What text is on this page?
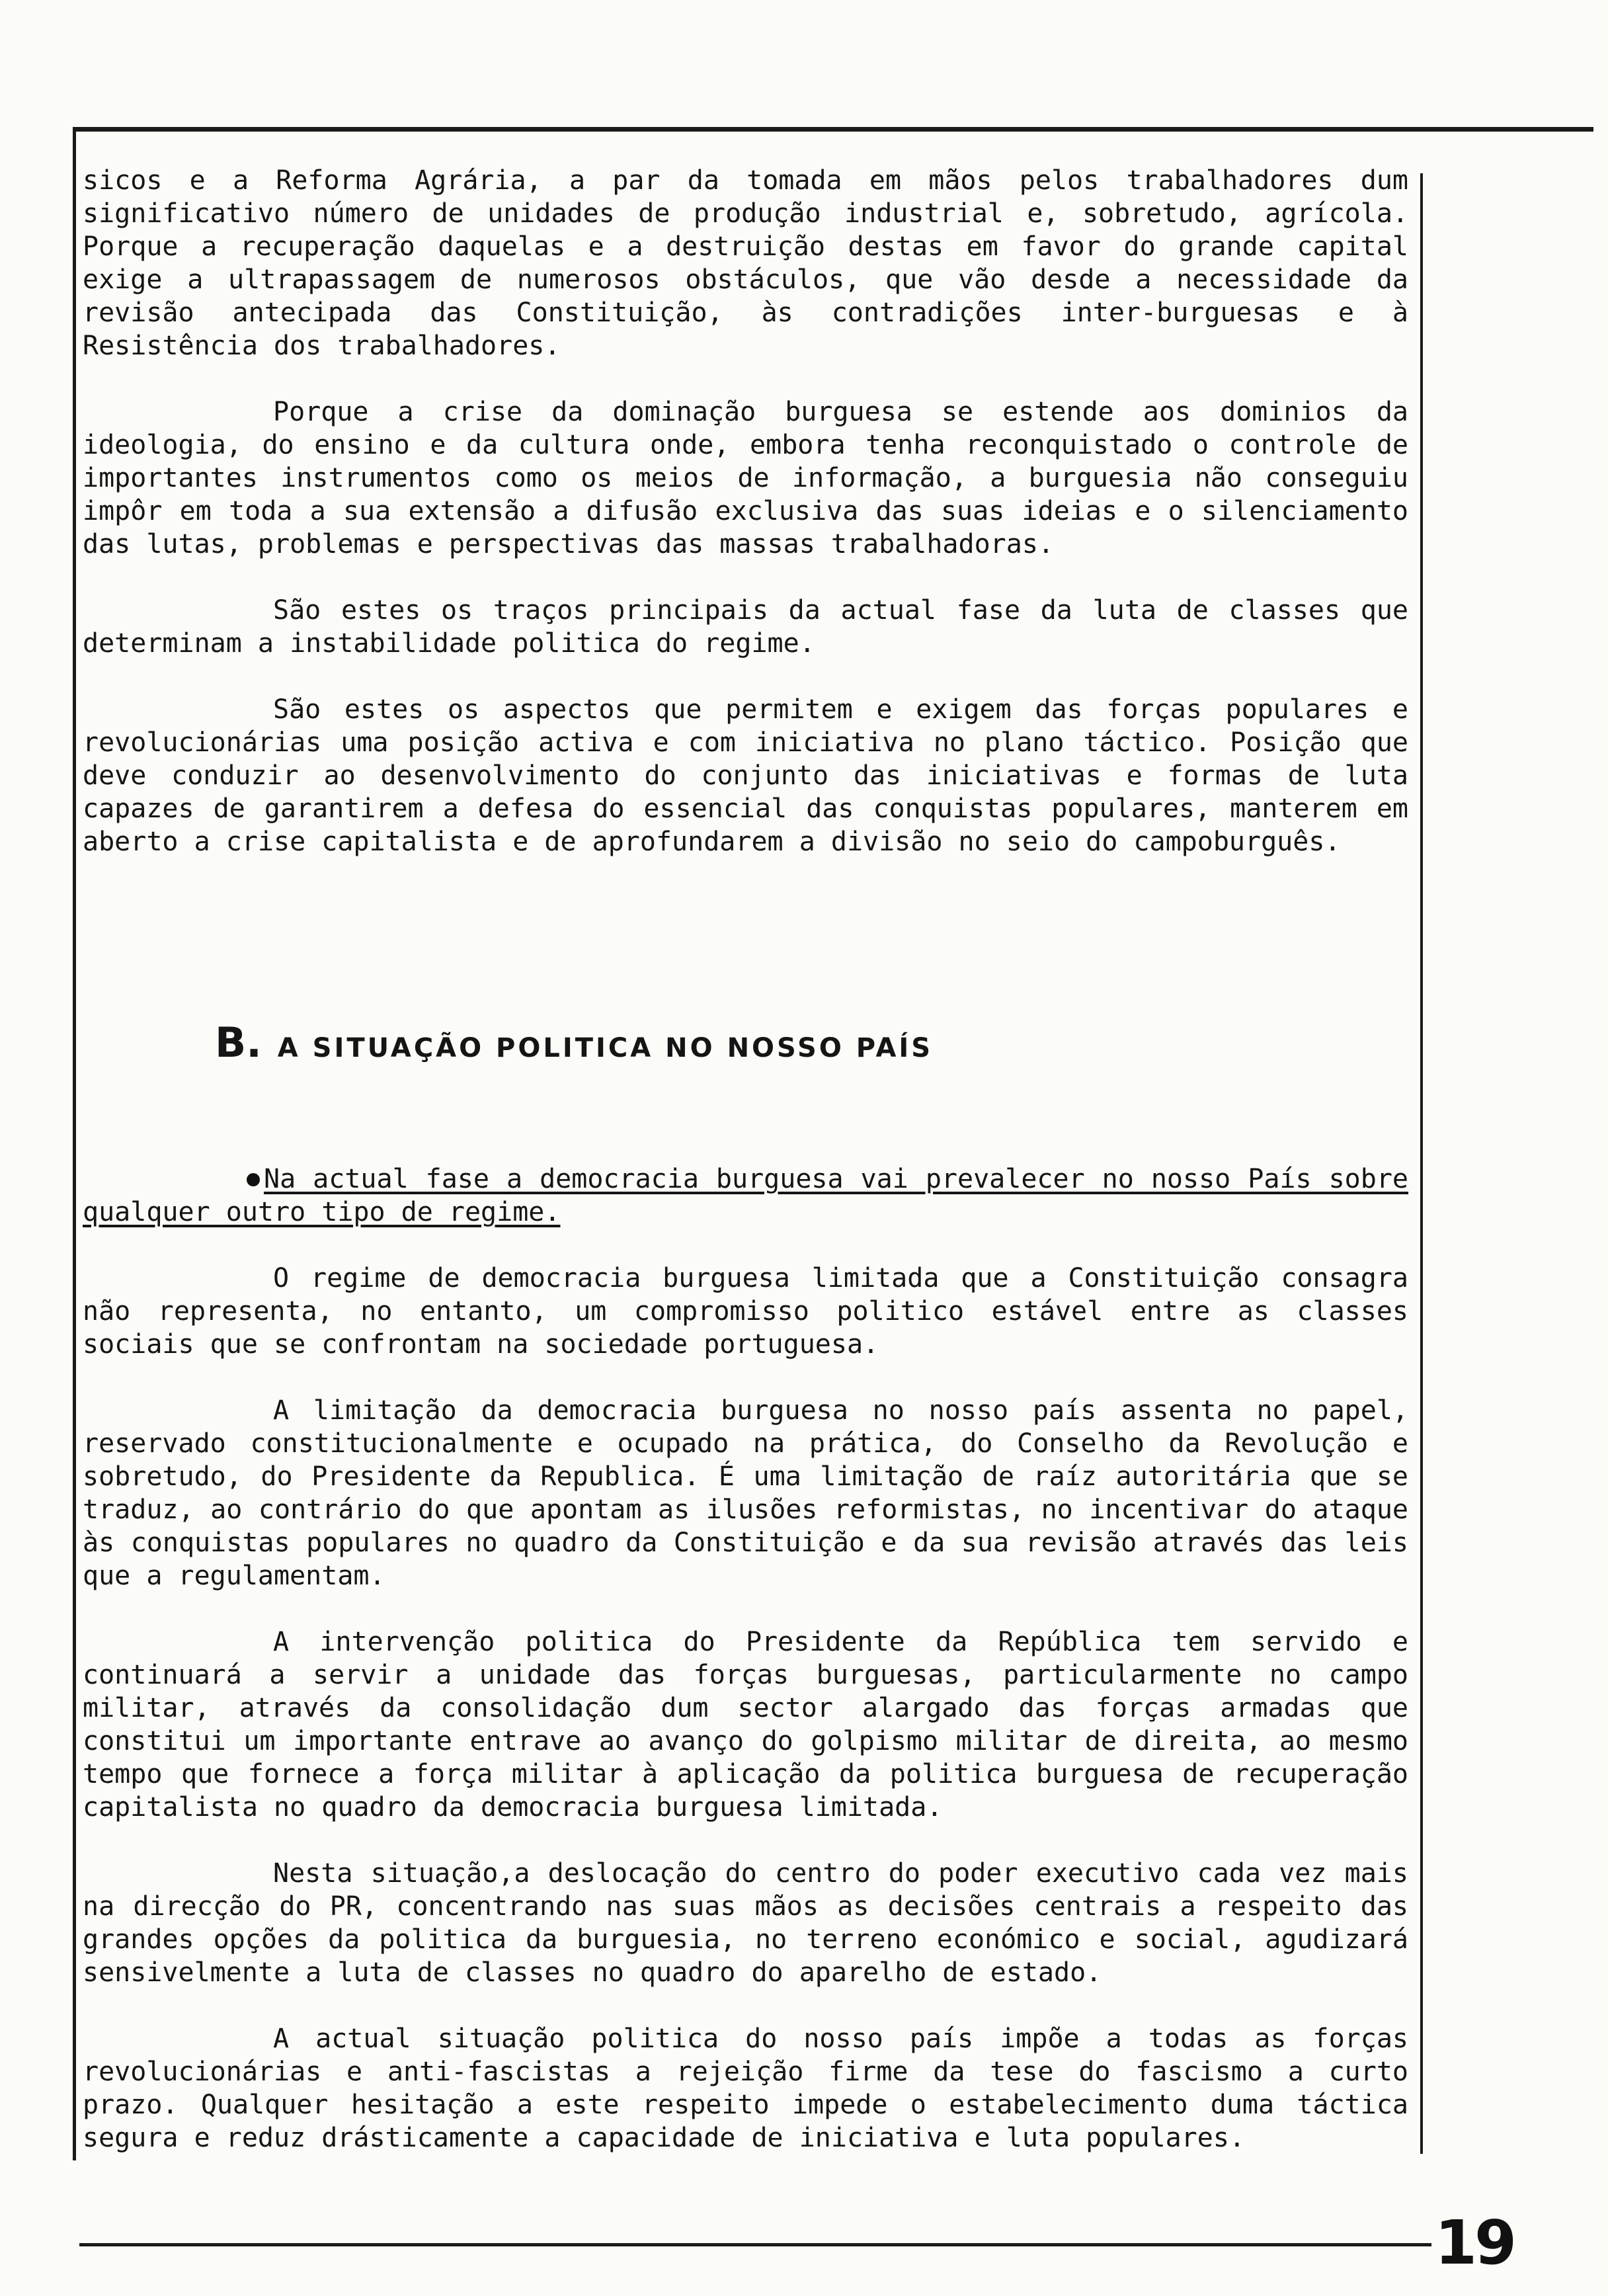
sicos e a Reforma Agrária, a par da tomada em mãos pelos trabalhadores dum significativo número de unidades de produção industrial e, sobretudo, agrícola. Porque a recuperação daquelas e a destruição destas em favor do grande capital exige a ultrapassagem de numerosos obstáculos, que vão desde a necessidade da revisão antecipada das Constituição, às contradições inter-burguesas e à Resistência dos trabalhadores.

Porque a crise da dominação burguesa se estende aos dominios da ideologia, do ensino e da cultura onde, embora tenha reconquistado o controle de importantes instrumentos como os meios de informação, a burguesia não conseguiu impôr em toda a sua extensão a difusão exclusiva das suas ideias e o silenciamento das lutas, problemas e perspectivas das massas trabalhadoras.

São estes os traços principais da actual fase da luta de classes que determinam a instabilidade politica do regime.

São estes os aspectos que permitem e exigem das forças populares e revolucionárias uma posição activa e com iniciativa no plano táctico. Posição que deve conduzir ao desenvolvimento do conjunto das iniciativas e formas de luta capazes de garantirem a defesa do essencial das conquistas populares, manterem em aberto a crise capitalista e de aprofundarem a divisão no seio do campoburguês.

B. A SITUAÇÃO POLITICA NO NOSSO PAÍS

Na actual fase a democracia burguesa vai prevalecer no nosso País sobre qualquer outro tipo de regime.

O regime de democracia burguesa limitada que a Constituição consagra não representa, no entanto, um compromisso politico estável entre as classes sociais que se confrontam na sociedade portuguesa.

A limitação da democracia burguesa no nosso país assenta no papel, reservado constitucionalmente e ocupado na prática, do Conselho da Revolução e sobretudo, do Presidente da Republica. É uma limitação de raíz autoritária que se traduz, ao contrário do que apontam as ilusões reformistas, no incentivar do ataque às conquistas populares no quadro da Constituição e da sua revisão através das leis que a regulamentam.

A intervenção politica do Presidente da República tem servido e continuará a servir a unidade das forças burguesas, particularmente no campo militar, através da consolidação dum sector alargado das forças armadas que constitui um importante entrave ao avanço do golpismo militar de direita, ao mesmo tempo que fornece a força militar à aplicação da politica burguesa de recuperação capitalista no quadro da democracia burguesa limitada.

Nesta situação,a deslocação do centro do poder executivo cada vez mais na direcção do PR, concentrando nas suas mãos as decisões centrais a respeito das grandes opções da politica da burguesia, no terreno económico e social, agudizará sensivelmente a luta de classes no quadro do aparelho de estado.

A actual situação politica do nosso país impõe a todas as forças revolucionárias e anti-fascistas a rejeição firme da tese do fascismo a curto prazo. Qualquer hesitação a este respeito impede o estabelecimento duma táctica segura e reduz drásticamente a capacidade de iniciativa e luta populares.

19
